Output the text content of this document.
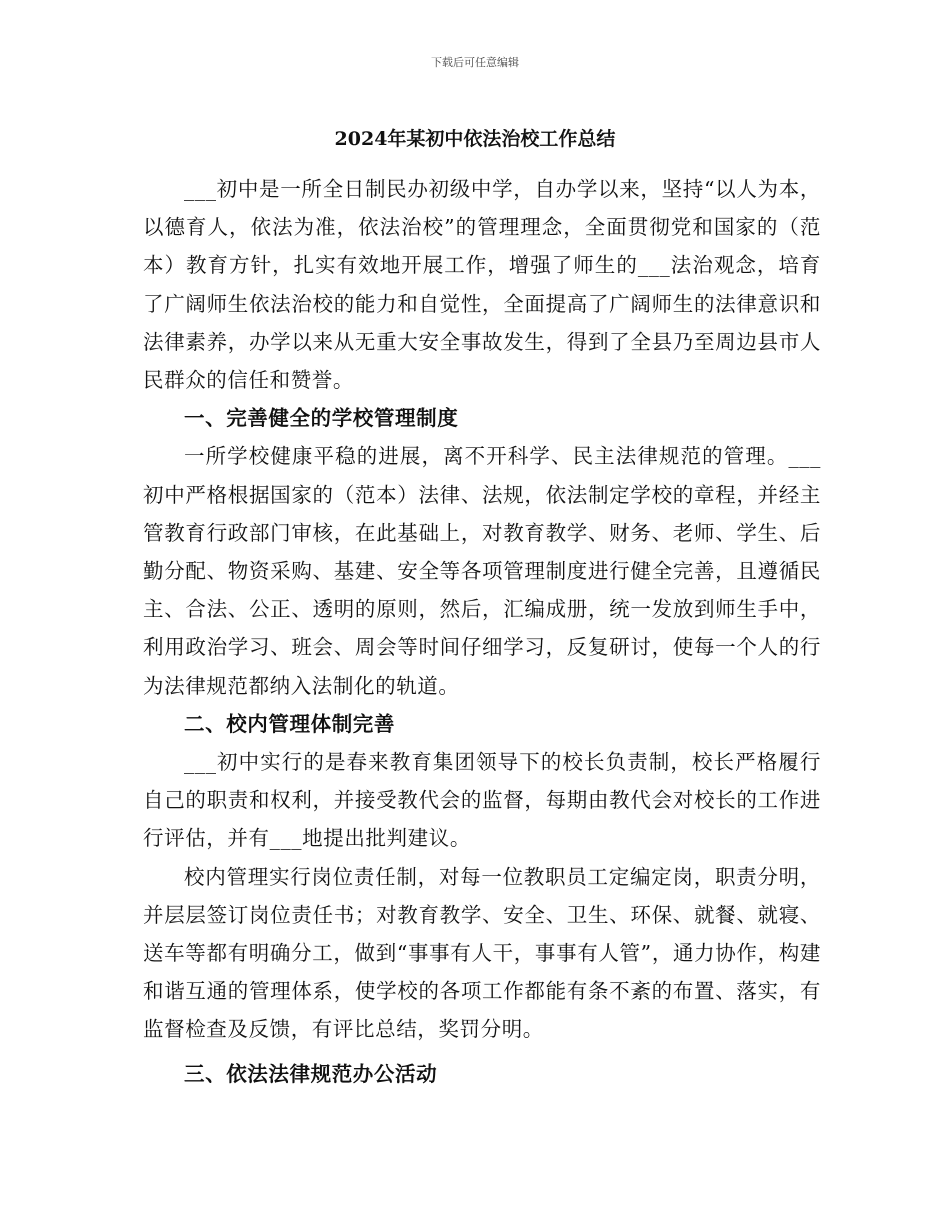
下载后可任意编辑
2024年某初中依法治校工作总结

___初中是一所全日制民办初级中学，自办学以来，坚持“以人为本，以德育人，依法为准，依法治校”的管理理念，全面贯彻党和国家的（范本）教育方针，扎实有效地开展工作，增强了师生的___法治观念，培育了广阔师生依法治校的能力和自觉性，全面提高了广阔师生的法律意识和法律素养，办学以来从无重大安全事故发生，得到了全县乃至周边县市人民群众的信任和赞誉。

一、完善健全的学校管理制度

一所学校健康平稳的进展，离不开科学、民主法律规范的管理。___初中严格根据国家的（范本）法律、法规，依法制定学校的章程，并经主管教育行政部门审核，在此基础上，对教育教学、财务、老师、学生、后勤分配、物资采购、基建、安全等各项管理制度进行健全完善，且遵循民主、合法、公正、透明的原则，然后，汇编成册，统一发放到师生手中，利用政治学习、班会、周会等时间仔细学习，反复研讨，使每一个人的行为法律规范都纳入法制化的轨道。

二、校内管理体制完善

___初中实行的是春来教育集团领导下的校长负责制，校长严格履行自己的职责和权利，并接受教代会的监督，每期由教代会对校长的工作进行评估，并有___地提出批判建议。

校内管理实行岗位责任制，对每一位教职员工定编定岗，职责分明，并层层签订岗位责任书；对教育教学、安全、卫生、环保、就餐、就寝、送车等都有明确分工，做到“事事有人干，事事有人管”，通力协作，构建和谐互通的管理体系，使学校的各项工作都能有条不紊的布置、落实，有监督检查及反馈，有评比总结，奖罚分明。

三、依法法律规范办公活动
